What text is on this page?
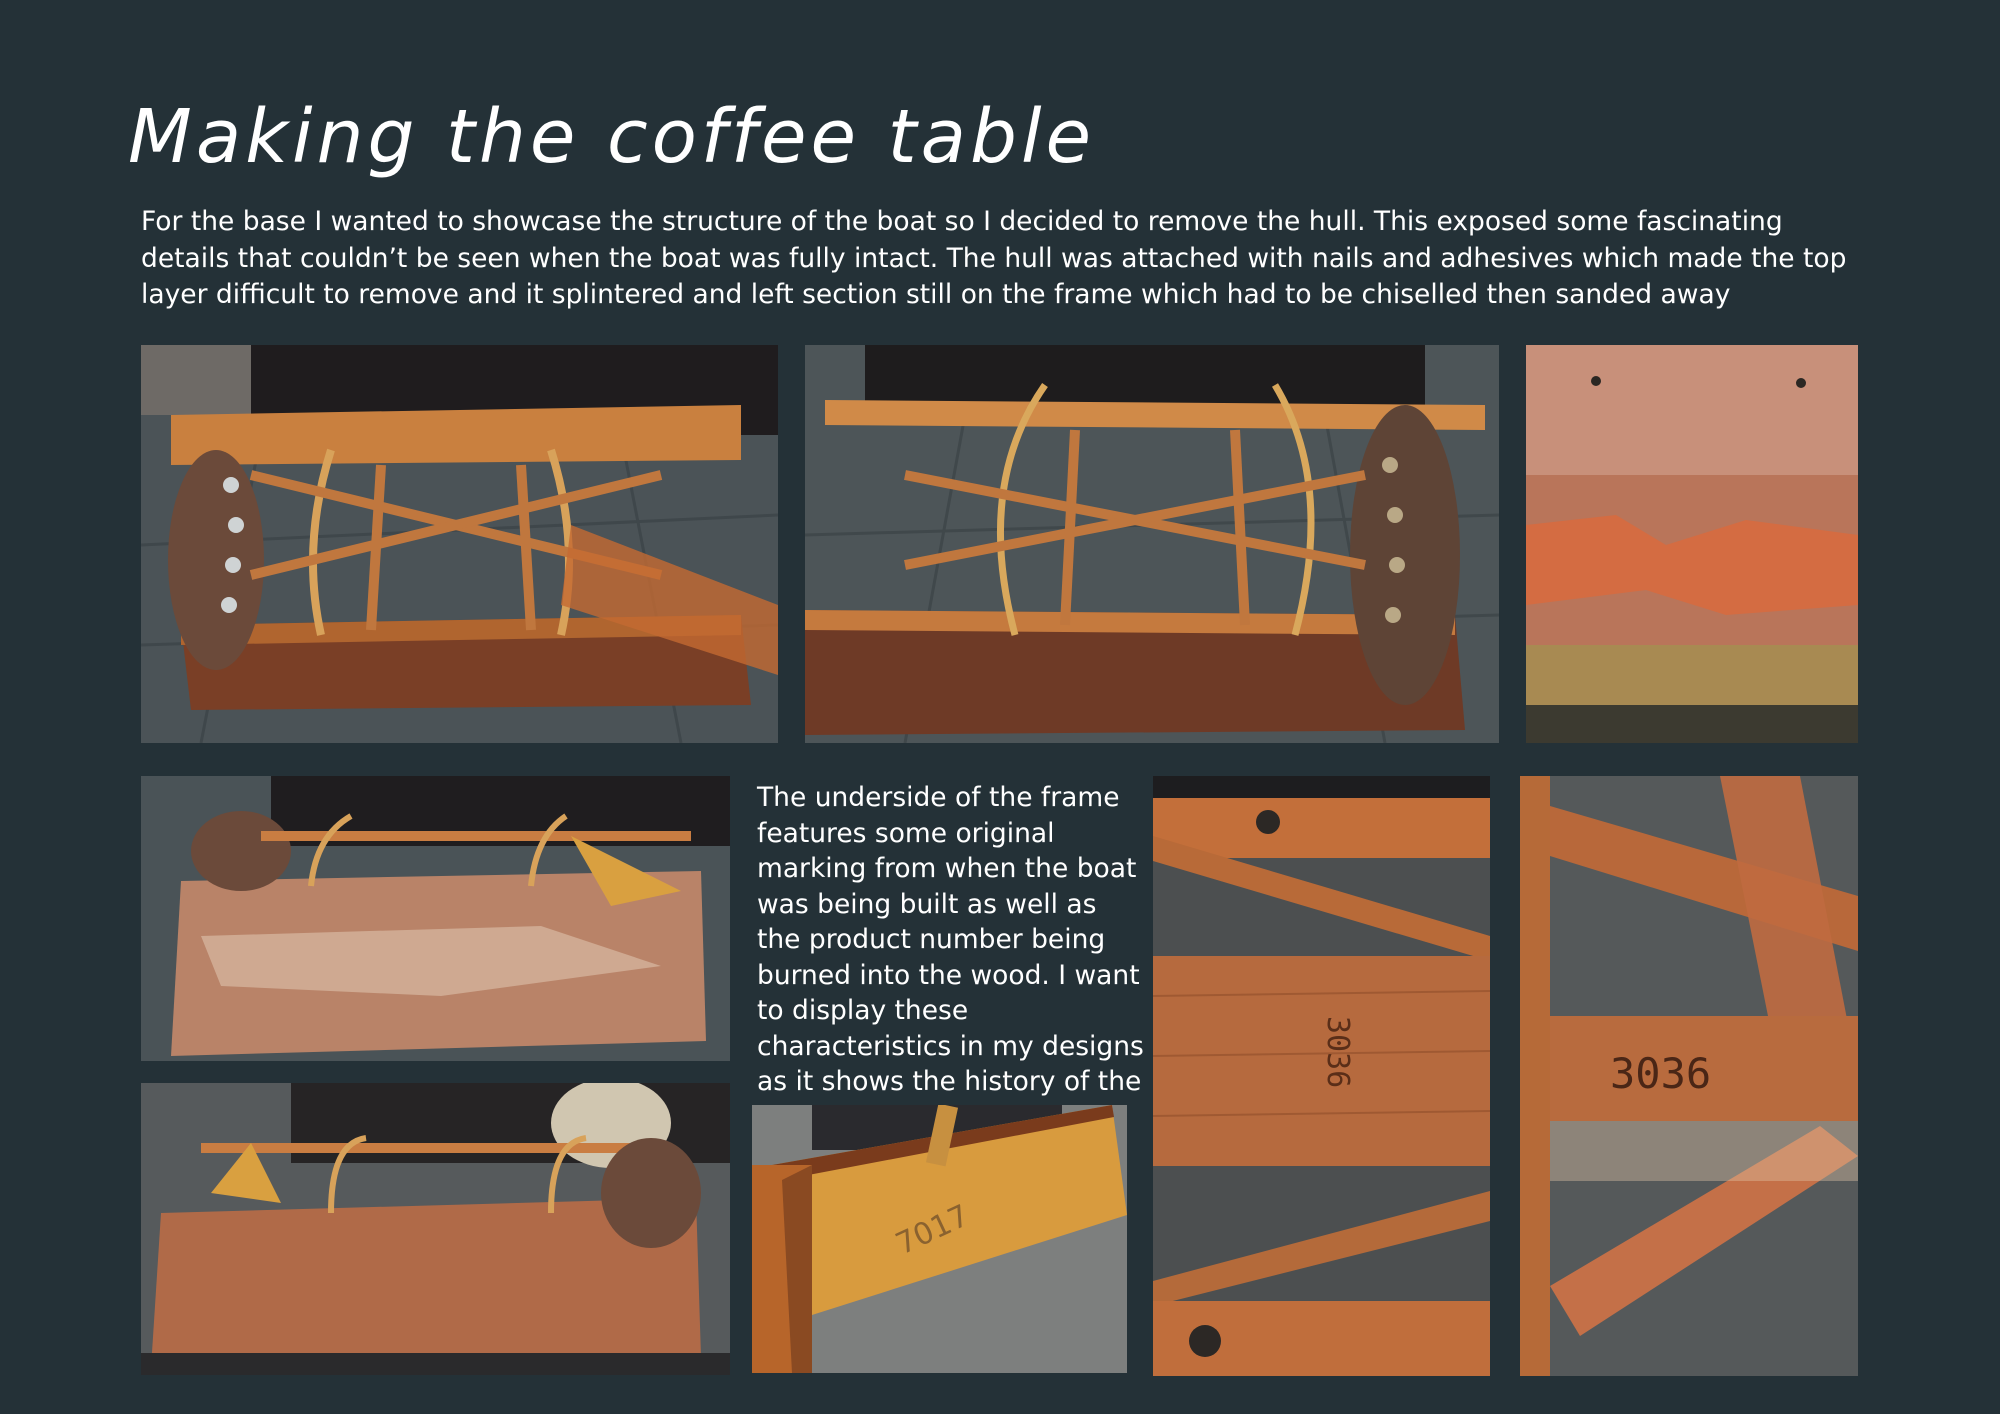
Making the coffee table

For the base I wanted to showcase the structure of the boat so I decided to remove the hull. This exposed some fascinating details that couldn’t be seen when the boat was fully intact. The hull was attached with nails and adhesives which made the top layer difficult to remove and it splintered and left section still on the frame which had to be chiselled then sanded away

The underside of the frame features some original marking from when the boat was being built as well as the product number being burned into the wood. I want to display these characteristics in my designs as it shows the history of the

7017
3036	3036
